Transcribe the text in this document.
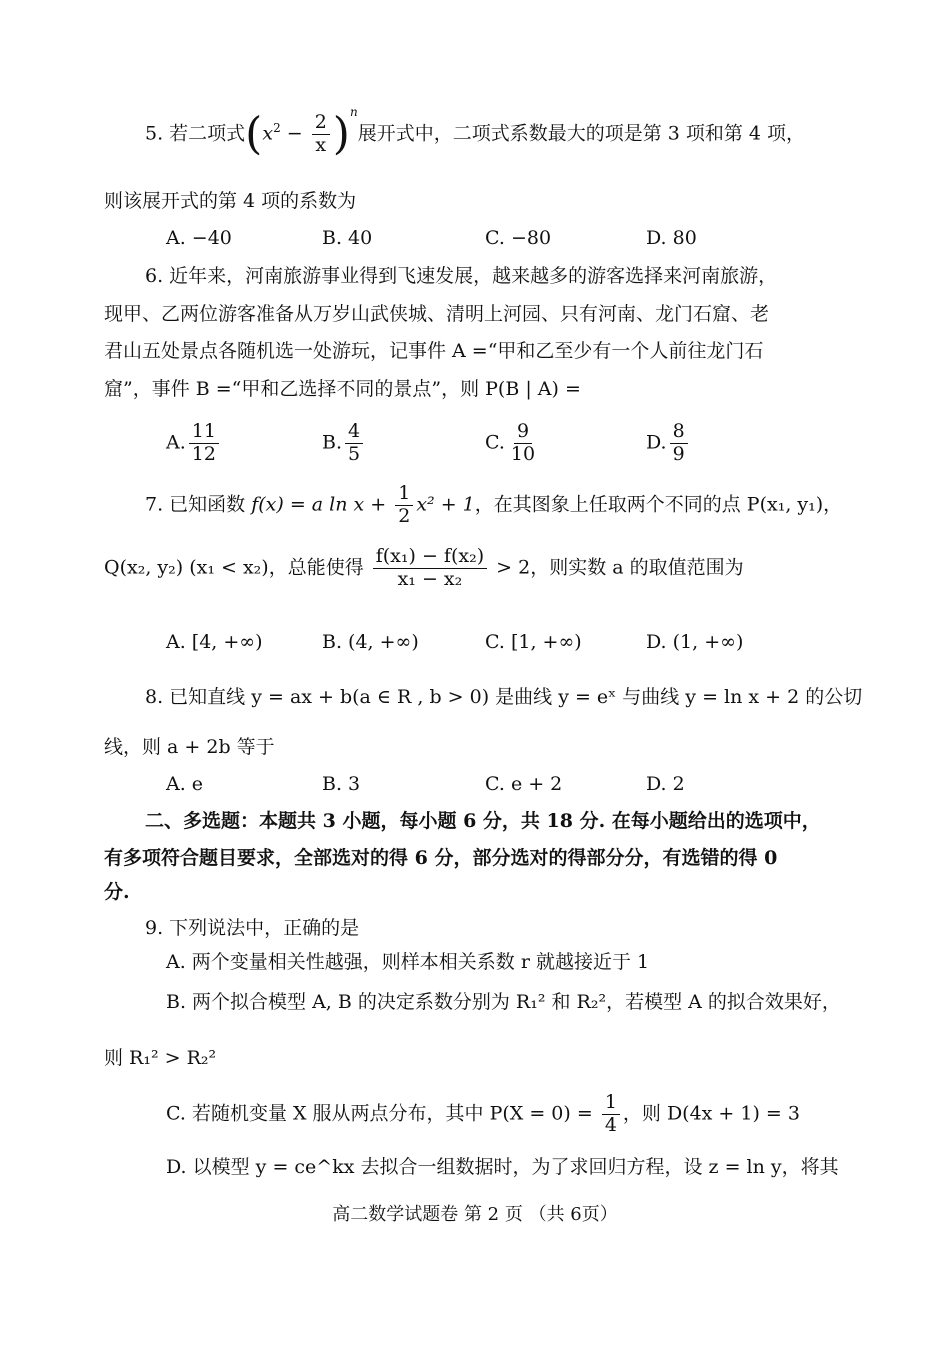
5. 若二项式$(x^2 - \frac{2}{x} )^n$展开式中，二项式系数最大的项是第 3 项和第 4 项，
则该展开式的第 4 项的系数为
A. −40	B. 40	C. −80	D. 80
6. 近年来，河南旅游事业得到飞速发展，越来越多的游客选择来河南旅游，
现甲、乙两位游客准备从万岁山武侠城、清明上河园、只有河南、龙门石窟、老
君山五处景点各随机选一处游玩，记事件 A =“甲和乙至少有一个人前往龙门石
窟”，事件 B =“甲和乙选择不同的景点”，则 P(B | A) =
A. $\frac{11}{12}$	B. $\frac{4}{5}$	C. $\frac{9}{10}$	D. $\frac{8}{9}$
7. 已知函数 f(x) = a $\ln x + \frac{1}{2} x^2 + 1$，在其图象上任取两个不同的点 P(x₁, y₁)，
Q(x₂, y₂) (x₁ < x₂)，总能使得 $\frac{\text{f(x₁) − f(x₂)}}{\text{x₁ − x₂}} > 2$，则实数 a 的取值范围为
A. [4, +∞)	B. (4, +∞)	C. [1, +∞)	D. (1, +∞)
8. 已知直线 y = ax + b(a ∈ R , b > 0) 是曲线 y = eˣ 与曲线 y = ln x + 2 的公切
线，则 a + 2b 等于
A. e	B. 3	C. e + 2	D. 2
二、多选题：本题共 3 小题，每小题 6 分，共 18 分. 在每小题给出的选项中，
有多项符合题目要求，全部选对的得 6 分，部分选对的得部分分，有选错的得 0
分.
9. 下列说法中，正确的是
A. 两个变量相关性越强，则样本相关系数 r 就越接近于 1
B. 两个拟合模型 A, B 的决定系数分别为 R₁² 和 R₂²，若模型 A 的拟合效果好，
则 R₁² > R₂²
C. 若随机变量 X 服从两点分布，其中 $P(X = 0) = \frac{1}{4}$ ，则 D(4x + 1) = 3
D. 以模型 y = ce^kx 去拟合一组数据时，为了求回归方程，设 z = ln y，将其
高二数学试题卷 第 2 页 （共 6页）
